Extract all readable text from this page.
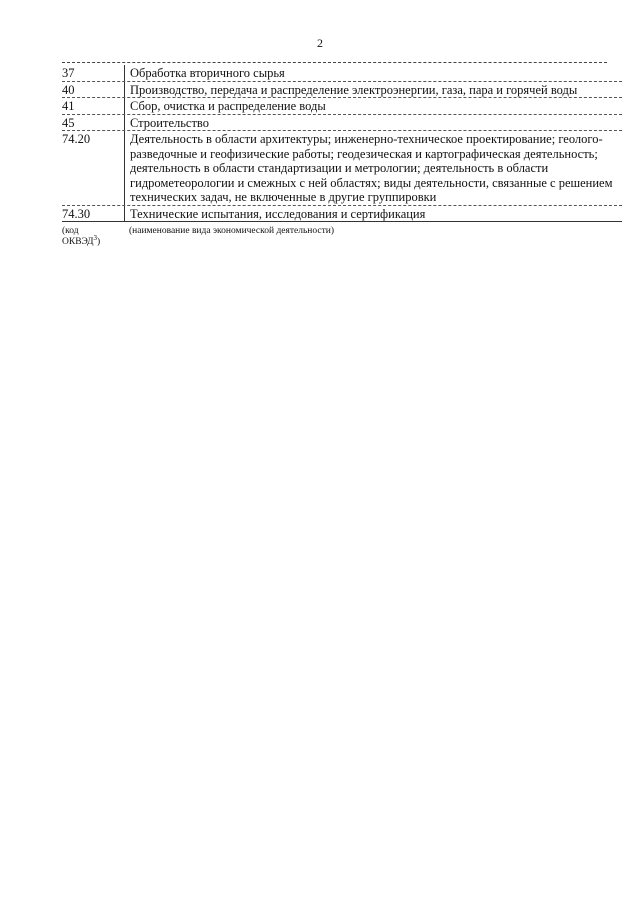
2
37	Обработка вторичного сырья
40	Производство, передача и распределение электроэнергии, газа, пара и горячей воды
41	Сбор, очистка и распределение воды
45	Строительство
74.20	Деятельность в области архитектуры; инженерно-техническое проектирование; геолого-разведочные и геофизические работы; геодезическая и картографическая деятельность; деятельность в области стандартизации и метрологии; деятельность в области гидрометеорологии и смежных с ней областях; виды деятельности, связанные с решением технических задач, не включенные в другие группировки
74.30	Технические испытания, исследования и сертификация
(код
ОКВЭД$^3$)
(наименование вида экономической деятельности)
